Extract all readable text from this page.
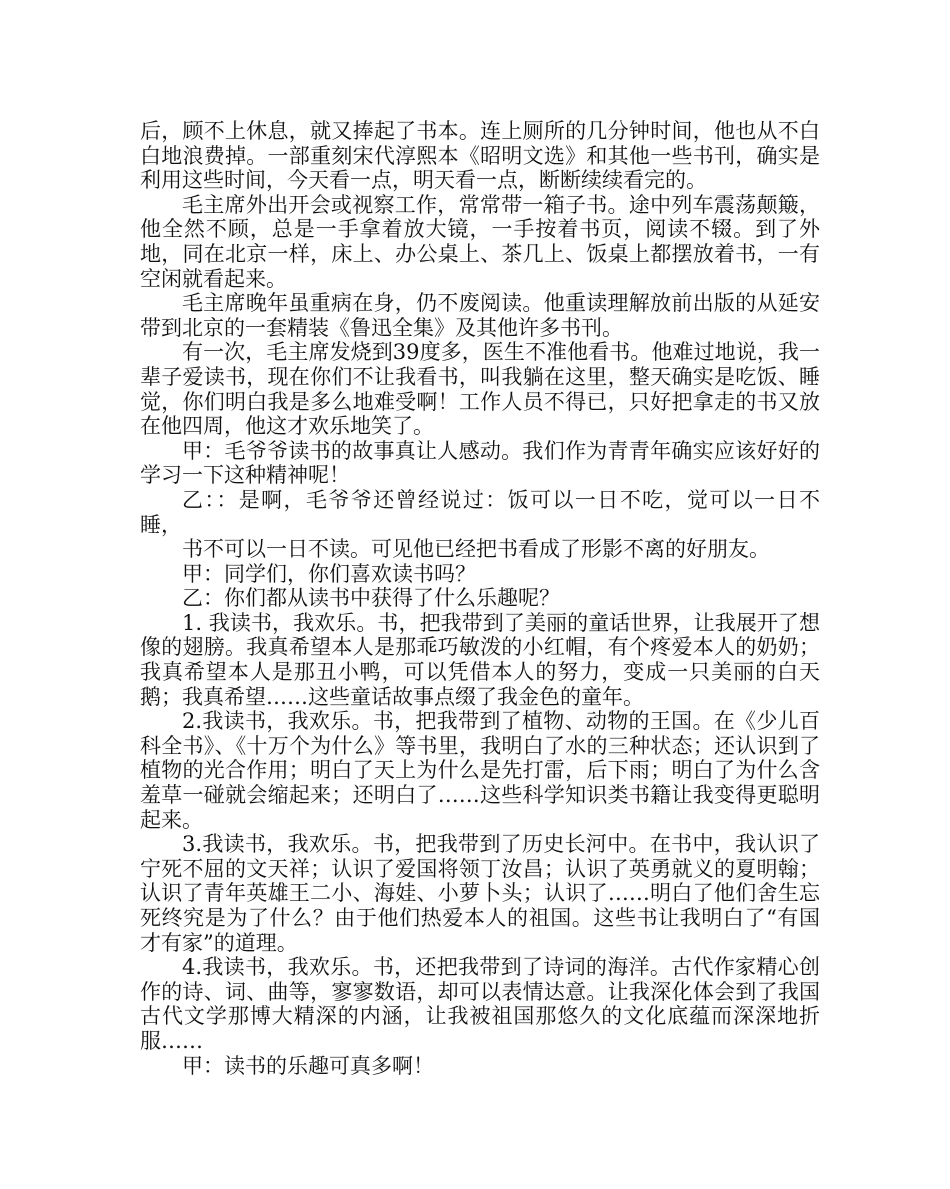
后，顾不上休息，就又捧起了书本。连上厕所的几分钟时间，他也从不白白地浪费掉。一部重刻宋代淳熙本《昭明文选》和其他一些书刊，确实是利用这些时间，今天看一点，明天看一点，断断续续看完的。

毛主席外出开会或视察工作，常常带一箱子书。途中列车震荡颠簸，他全然不顾，总是一手拿着放大镜，一手按着书页，阅读不辍。到了外地，同在北京一样，床上、办公桌上、茶几上、饭桌上都摆放着书，一有空闲就看起来。

毛主席晚年虽重病在身，仍不废阅读。他重读理解放前出版的从延安带到北京的一套精装《鲁迅全集》及其他许多书刊。

有一次，毛主席发烧到39度多，医生不准他看书。他难过地说，我一辈子爱读书，现在你们不让我看书，叫我躺在这里，整天确实是吃饭、睡觉，你们明白我是多么地难受啊！工作人员不得已，只好把拿走的书又放在他四周，他这才欢乐地笑了。

甲：毛爷爷读书的故事真让人感动。我们作为青青年确实应该好好的学习一下这种精神呢！

乙：：是啊，毛爷爷还曾经说过：饭可以一日不吃，觉可以一日不睡，

书不可以一日不读。可见他已经把书看成了形影不离的好朋友。

甲：同学们，你们喜欢读书吗？

乙：你们都从读书中获得了什么乐趣呢？

1. 我读书，我欢乐。书，把我带到了美丽的童话世界，让我展开了想像的翅膀。我真希望本人是那乖巧敏泼的小红帽，有个疼爱本人的奶奶；我真希望本人是那丑小鸭，可以凭借本人的努力，变成一只美丽的白天鹅；我真希望……这些童话故事点缀了我金色的童年。

2.我读书，我欢乐。书，把我带到了植物、动物的王国。在《少儿百科全书》、《十万个为什么》等书里，我明白了水的三种状态；还认识到了植物的光合作用；明白了天上为什么是先打雷，后下雨；明白了为什么含羞草一碰就会缩起来；还明白了……这些科学知识类书籍让我变得更聪明起来。

3.我读书，我欢乐。书，把我带到了历史长河中。在书中，我认识了宁死不屈的文天祥；认识了爱国将领丁汝昌；认识了英勇就义的夏明翰；认识了青年英雄王二小、海娃、小萝卜头；认识了……明白了他们舍生忘死终究是为了什么？由于他们热爱本人的祖国。这些书让我明白了“有国才有家”的道理。

4.我读书，我欢乐。书，还把我带到了诗词的海洋。古代作家精心创作的诗、词、曲等，寥寥数语，却可以表情达意。让我深化体会到了我国古代文学那博大精深的内涵，让我被祖国那悠久的文化底蕴而深深地折服……

甲：读书的乐趣可真多啊！
